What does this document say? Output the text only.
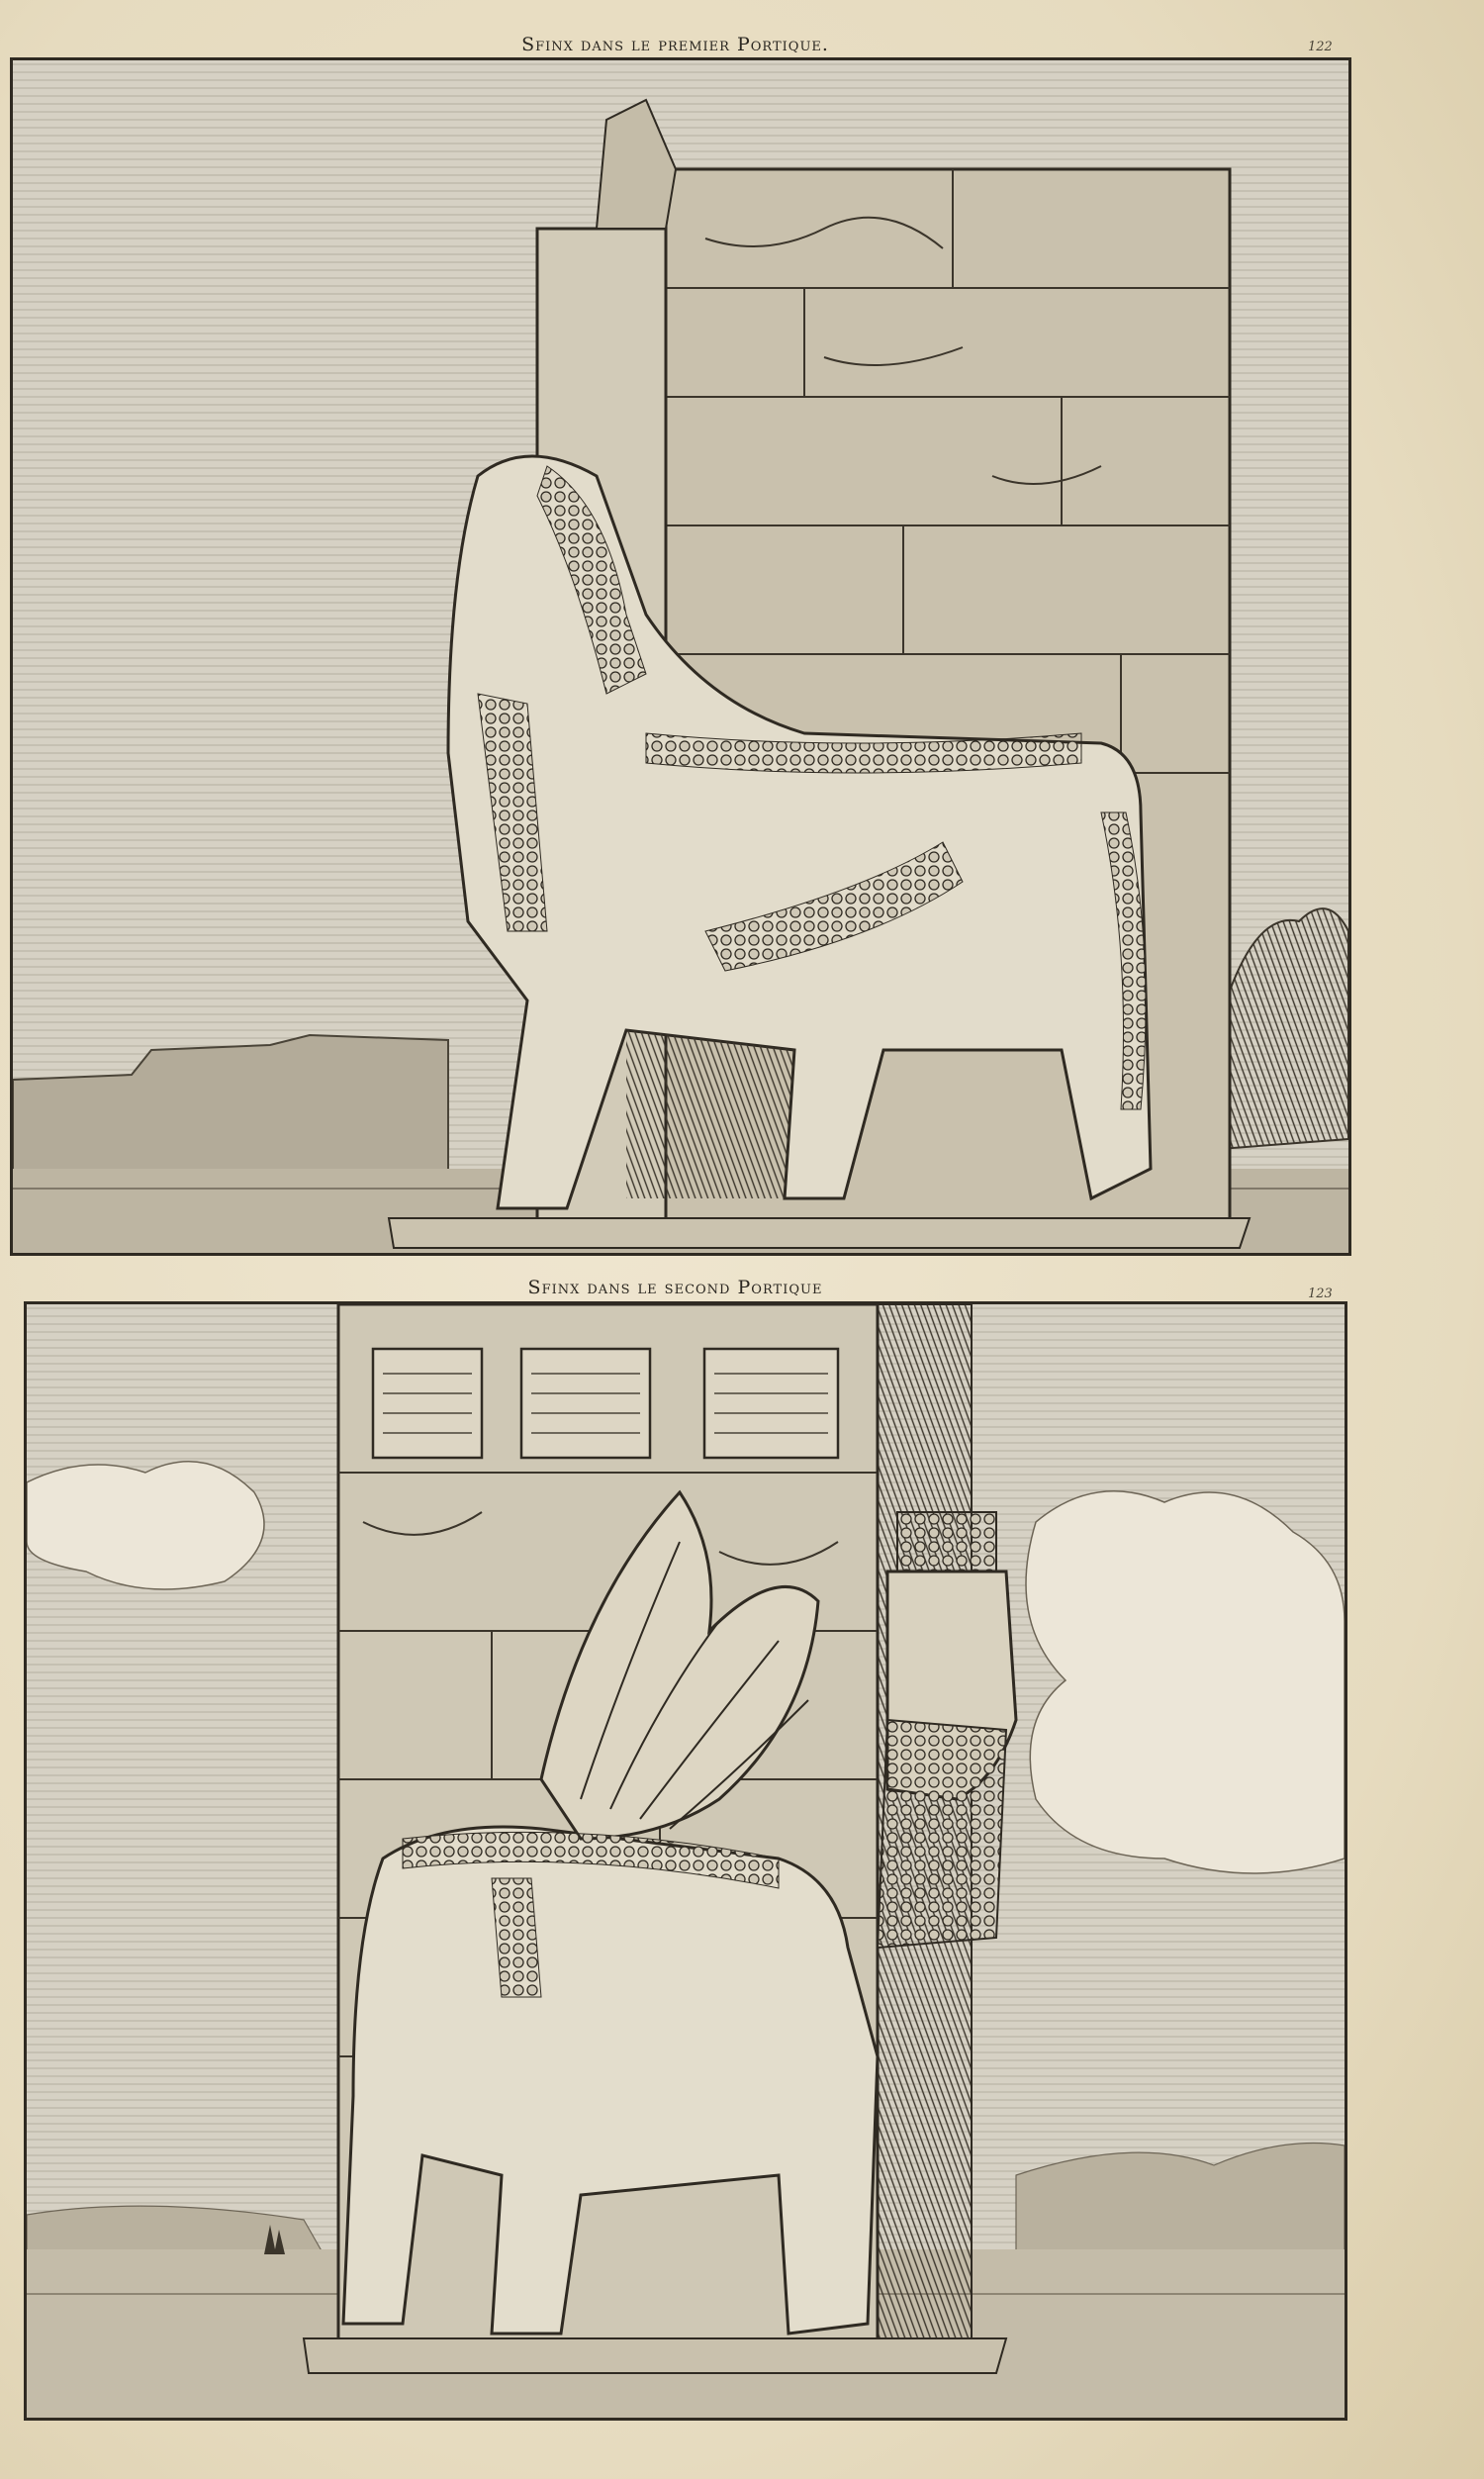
Sfinx dans le premier Portique.	122
Sfinx dans le second Portique	123
